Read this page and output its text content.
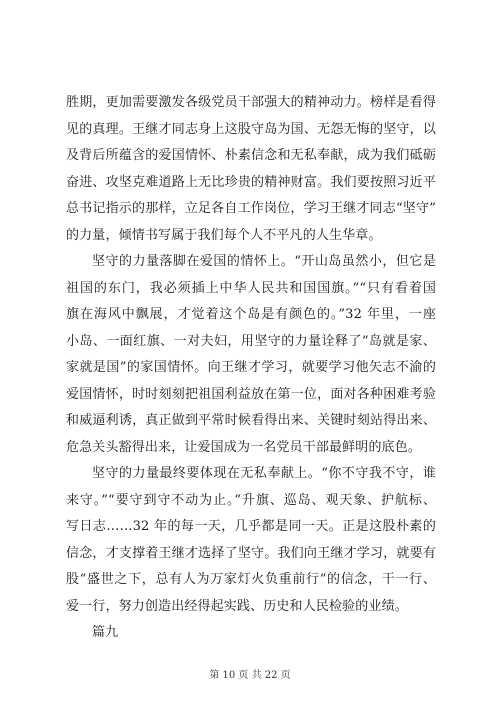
胜期，更加需要激发各级党员干部强大的精神动力。榜样是看得
见的真理。王继才同志身上这股守岛为国、无怨无悔的坚守，以
及背后所蕴含的爱国情怀、朴素信念和无私奉献，成为我们砥砺
奋进、攻坚克难道路上无比珍贵的精神财富。我们要按照习近平
总书记指示的那样，立足各自工作岗位，学习王继才同志“坚守”
的力量，倾情书写属于我们每个人不平凡的人生华章。
坚守的力量落脚在爱国的情怀上。“开山岛虽然小，但它是
祖国的东门，我必须插上中华人民共和国国旗。”“只有看着国
旗在海风中飘展，才觉着这个岛是有颜色的。”32 年里，一座
小岛、一面红旗、一对夫妇，用坚守的力量诠释了“岛就是家、
家就是国”的家国情怀。向王继才学习，就要学习他矢志不渝的
爱国情怀，时时刻刻把祖国利益放在第一位，面对各种困难考验
和威逼利诱，真正做到平常时候看得出来、关键时刻站得出来、
危急关头豁得出来，让爱国成为一名党员干部最鲜明的底色。
坚守的力量最终要体现在无私奉献上。“你不守我不守，谁
来守。”“要守到守不动为止。”升旗、巡岛、观天象、护航标、
写日志……32 年的每一天，几乎都是同一天。正是这股朴素的
信念，才支撑着王继才选择了坚守。我们向王继才学习，就要有
股“盛世之下，总有人为万家灯火负重前行”的信念，干一行、
爱一行，努力创造出经得起实践、历史和人民检验的业绩。
篇九
第 10 页 共 22 页
